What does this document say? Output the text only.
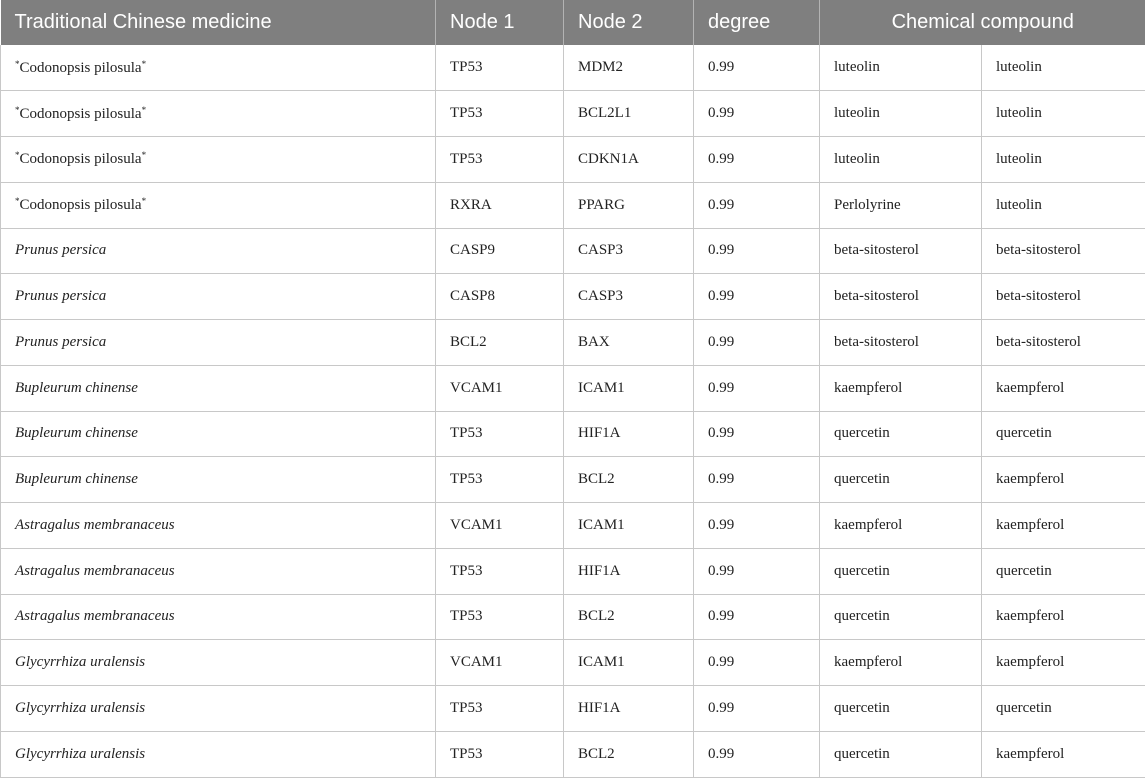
Traditional Chinese medicine	Node 1	Node 2	degree	Chemical compound	
*Codonopsis pilosula*	TP53	MDM2	0.99	luteolin	luteolin
*Codonopsis pilosula*	TP53	BCL2L1	0.99	luteolin	luteolin
*Codonopsis pilosula*	TP53	CDKN1A	0.99	luteolin	luteolin
*Codonopsis pilosula*	RXRA	PPARG	0.99	Perlolyrine	luteolin
Prunus persica	CASP9	CASP3	0.99	beta-sitosterol	beta-sitosterol
Prunus persica	CASP8	CASP3	0.99	beta-sitosterol	beta-sitosterol
Prunus persica	BCL2	BAX	0.99	beta-sitosterol	beta-sitosterol
Bupleurum chinense	VCAM1	ICAM1	0.99	kaempferol	kaempferol
Bupleurum chinense	TP53	HIF1A	0.99	quercetin	quercetin
Bupleurum chinense	TP53	BCL2	0.99	quercetin	kaempferol
Astragalus membranaceus	VCAM1	ICAM1	0.99	kaempferol	kaempferol
Astragalus membranaceus	TP53	HIF1A	0.99	quercetin	quercetin
Astragalus membranaceus	TP53	BCL2	0.99	quercetin	kaempferol
Glycyrrhiza uralensis	VCAM1	ICAM1	0.99	kaempferol	kaempferol
Glycyrrhiza uralensis	TP53	HIF1A	0.99	quercetin	quercetin
Glycyrrhiza uralensis	TP53	BCL2	0.99	quercetin	kaempferol
